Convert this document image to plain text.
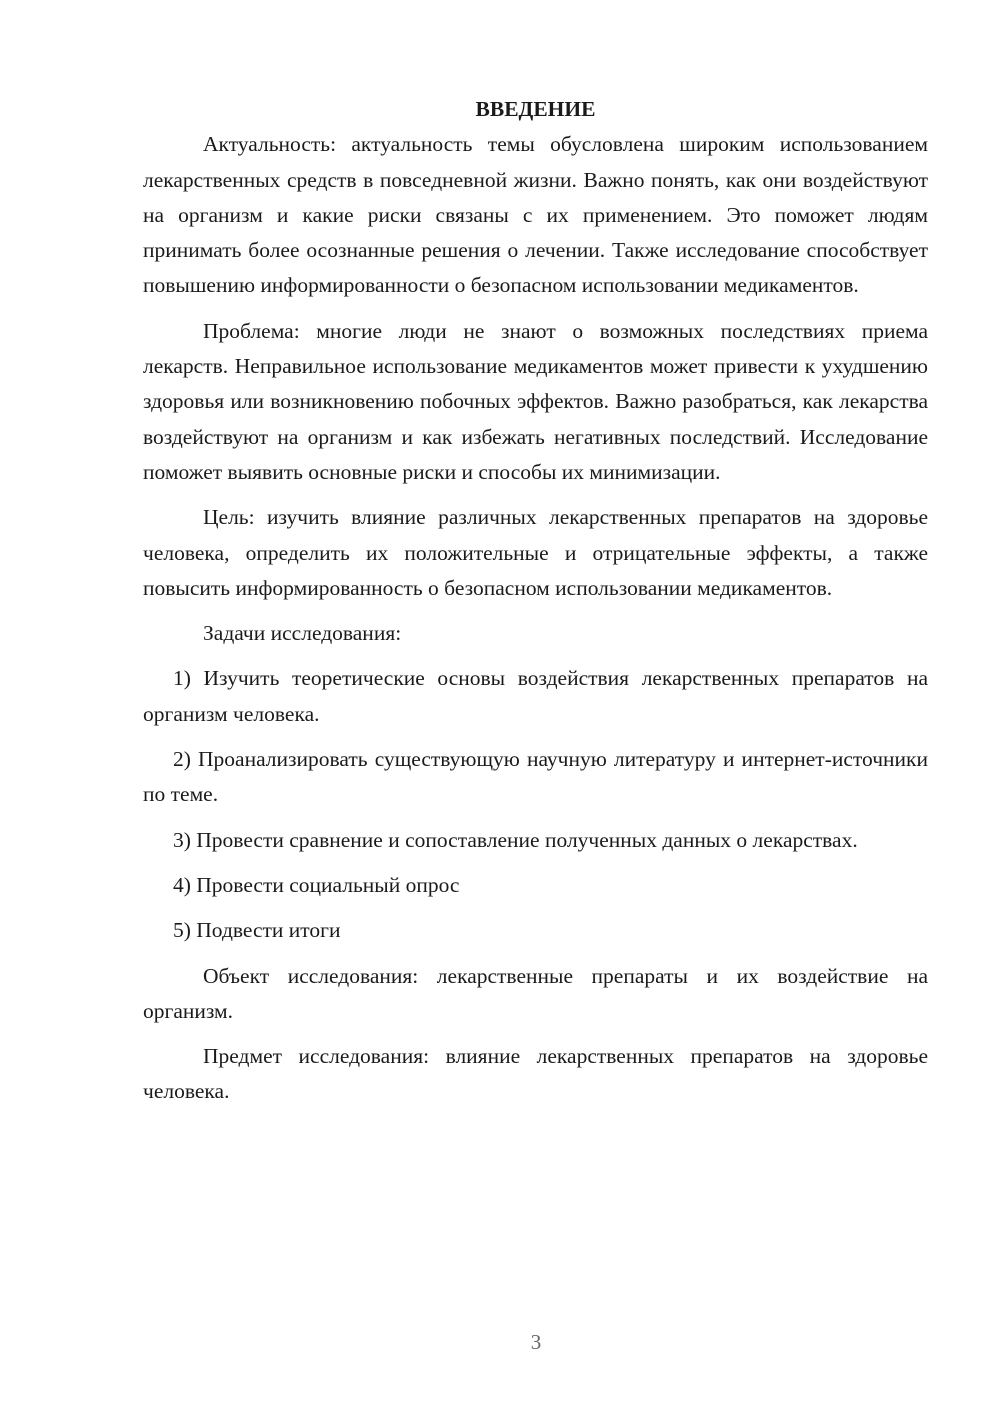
ВВЕДЕНИЕ

Актуальность: актуальность темы обусловлена широким использованием лекарственных средств в повседневной жизни. Важно понять, как они воздействуют на организм и какие риски связаны с их применением. Это поможет людям принимать более осознанные решения о лечении. Также исследование способствует повышению информированности о безопасном использовании медикаментов.

Проблема: многие люди не знают о возможных последствиях приема лекарств. Неправильное использование медикаментов может привести к ухудшению здоровья или возникновению побочных эффектов. Важно разобраться, как лекарства воздействуют на организм и как избежать негативных последствий. Исследование поможет выявить основные риски и способы их минимизации.

Цель: изучить влияние различных лекарственных препаратов на здоровье человека, определить их положительные и отрицательные эффекты, а также повысить информированность о безопасном использовании медикаментов.

Задачи исследования:

1) Изучить теоретические основы воздействия лекарственных препаратов на организм человека.

2) Проанализировать существующую научную литературу и интернет-источники по теме.

3) Провести сравнение и сопоставление полученных данных о лекарствах.

4) Провести социальный опрос

5) Подвести итоги

Объект исследования: лекарственные препараты и их воздействие на организм.

Предмет исследования: влияние лекарственных препаратов на здоровье человека.

3
